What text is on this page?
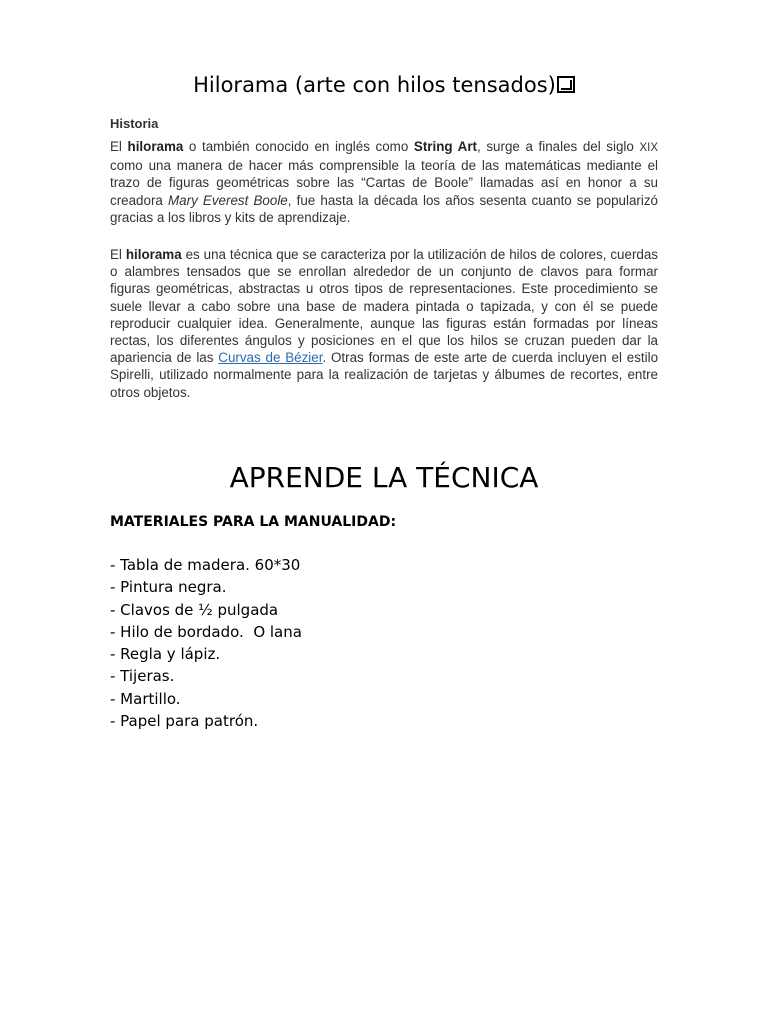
Hilorama (arte con hilos tensados)
Historia

El hilorama o también conocido en inglés como String Art, surge a finales del siglo XIX como una manera de hacer más comprensible la teoría de las matemáticas mediante el trazo de figuras geométricas sobre las “Cartas de Boole” llamadas así en honor a su creadora Mary Everest Boole, fue hasta la década los años sesenta cuanto se popularizó gracias a los libros y kits de aprendizaje.

El hilorama es una técnica que se caracteriza por la utilización de hilos de colores, cuerdas o alambres tensados que se enrollan alrededor de un conjunto de clavos para formar figuras geométricas, abstractas u otros tipos de representaciones. Este procedimiento se suele llevar a cabo sobre una base de madera pintada o tapizada, y con él se puede reproducir cualquier idea. Generalmente, aunque las figuras están formadas por líneas rectas, los diferentes ángulos y posiciones en el que los hilos se cruzan pueden dar la apariencia de las Curvas de Bézier. Otras formas de este arte de cuerda incluyen el estilo Spirelli, utilizado normalmente para la realización de tarjetas y álbumes de recortes, entre otros objetos.

APRENDE LA TÉCNICA
MATERIALES PARA LA MANUALIDAD:
- Tabla de madera. 60*30
- Pintura negra.
- Clavos de ½ pulgada
- Hilo de bordado.  O lana
- Regla y lápiz.
- Tijeras.
- Martillo.
- Papel para patrón.
